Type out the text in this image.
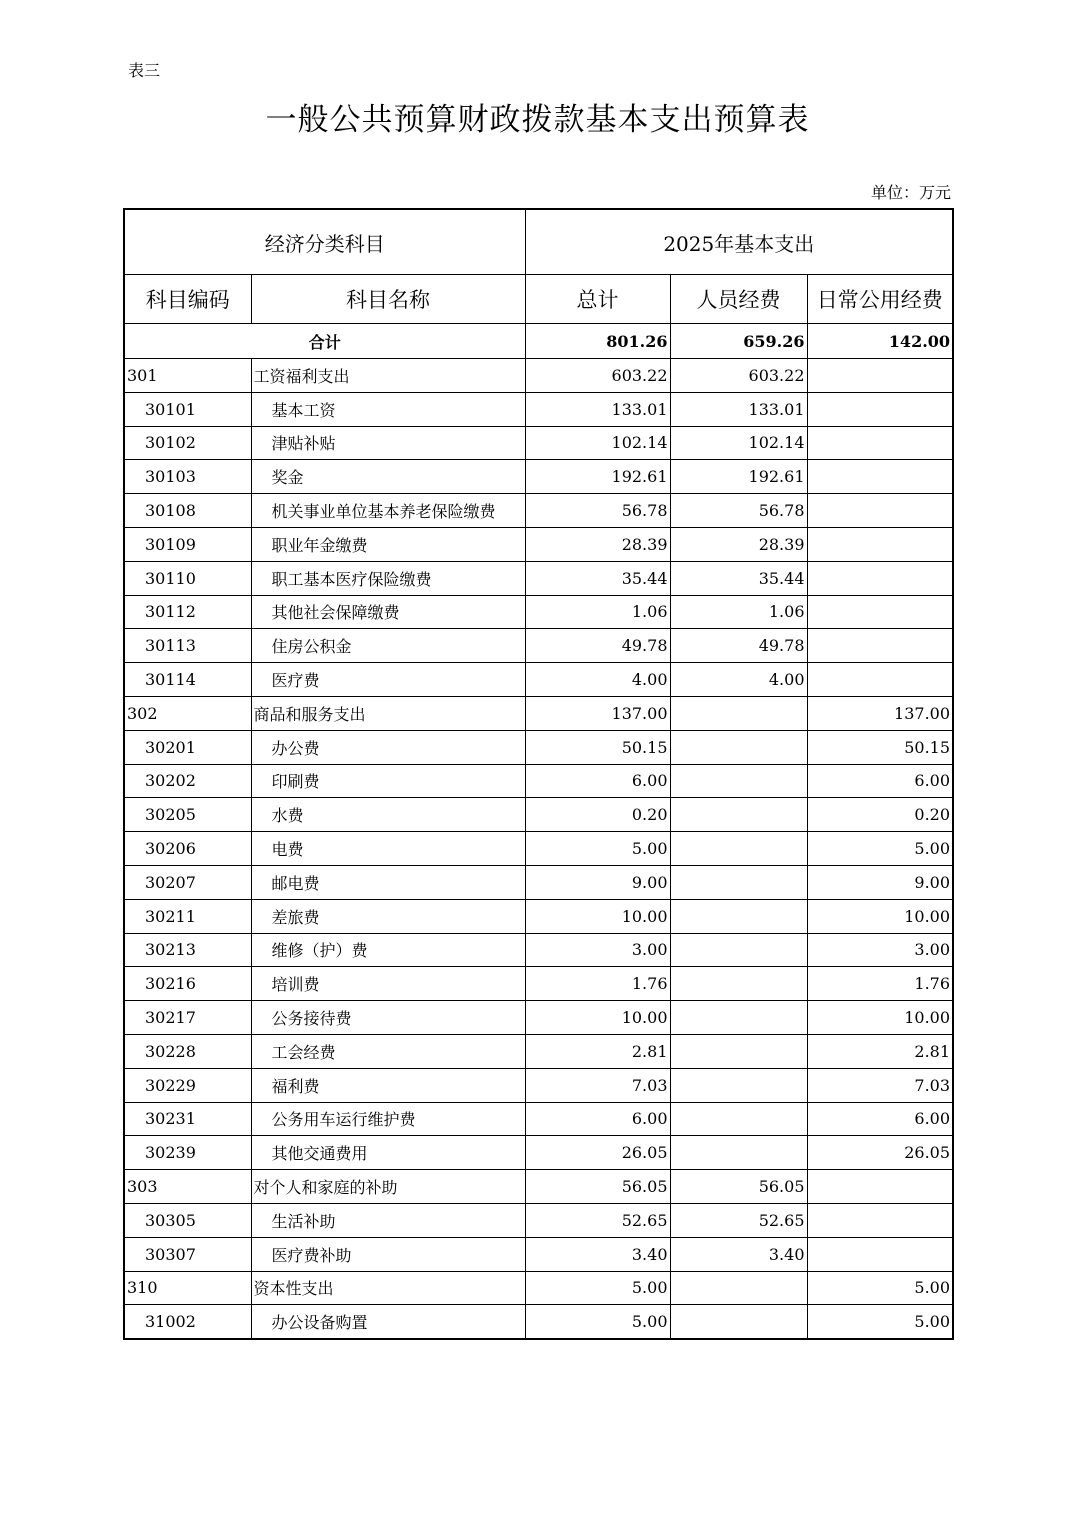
表三
一般公共预算财政拨款基本支出预算表
单位：万元
经济分类科目		2025年基本支出		
科目编码	科目名称	总计	人员经费	日常公用经费
合计		801.26	659.26	142.00
301	工资福利支出	603.22	603.22	
30101	基本工资	133.01	133.01	
30102	津贴补贴	102.14	102.14	
30103	奖金	192.61	192.61	
30108	机关事业单位基本养老保险缴费	56.78	56.78	
30109	职业年金缴费	28.39	28.39	
30110	职工基本医疗保险缴费	35.44	35.44	
30112	其他社会保障缴费	1.06	1.06	
30113	住房公积金	49.78	49.78	
30114	医疗费	4.00	4.00	
302	商品和服务支出	137.00		137.00
30201	办公费	50.15		50.15
30202	印刷费	6.00		6.00
30205	水费	0.20		0.20
30206	电费	5.00		5.00
30207	邮电费	9.00		9.00
30211	差旅费	10.00		10.00
30213	维修（护）费	3.00		3.00
30216	培训费	1.76		1.76
30217	公务接待费	10.00		10.00
30228	工会经费	2.81		2.81
30229	福利费	7.03		7.03
30231	公务用车运行维护费	6.00		6.00
30239	其他交通费用	26.05		26.05
303	对个人和家庭的补助	56.05	56.05	
30305	生活补助	52.65	52.65	
30307	医疗费补助	3.40	3.40	
310	资本性支出	5.00		5.00
31002	办公设备购置	5.00		5.00
